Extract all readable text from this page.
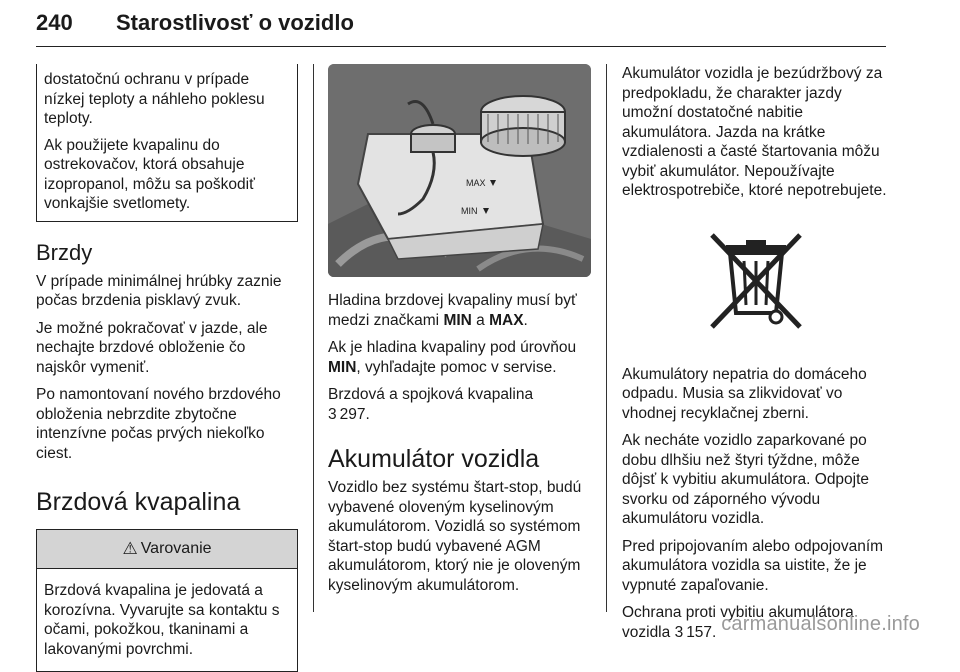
240 Starostlivosť o vozidlo

dostatočnú ochranu v prípade nízkej teploty a náhleho poklesu teploty.

Ak použijete kvapalinu do ostrekovačov, ktorá obsahuje izopropanol, môžu sa poškodiť vonkajšie svetlomety.

Brzdy

V prípade minimálnej hrúbky zaznie počas brzdenia pisklavý zvuk.

Je možné pokračovať v jazde, ale nechajte brzdové obloženie čo najskôr vymeniť.

Po namontovaní nového brzdového obloženia nebrzdite zbytočne intenzívne počas prvých niekoľko ciest.

Brzdová kvapalina
⚠ Varovanie
Brzdová kvapalina je jedovatá a korozívna. Vyvarujte sa kontaktu s očami, pokožkou, tkaninami a lakovanými povrchmi.
MAX
MIN

Hladina brzdovej kvapaliny musí byť medzi značkami MIN a MAX.

Ak je hladina kvapaliny pod úrovňou MIN, vyhľadajte pomoc v servise.

Brzdová a spojková kvapalina
3 297.

Akumulátor vozidla

Vozidlo bez systému štart-stop, budú vybavené oloveným kyselinovým akumulátorom. Vozidlá so systémom štart-stop budú vybavené AGM akumulátorom, ktorý nie je oloveným kyselinovým akumulátorom.

Akumulátor vozidla je bezúdržbový za predpokladu, že charakter jazdy umožní dostatočné nabitie akumulátora. Jazda na krátke vzdialenosti a časté štartovania môžu vybiť akumulátor. Nepoužívajte elektrospotrebiče, ktoré nepotrebujete.

Akumulátory nepatria do domáceho odpadu. Musia sa zlikvidovať vo vhodnej recyklačnej zberni.

Ak necháte vozidlo zaparkované po dobu dlhšiu než štyri týždne, môže dôjsť k vybitiu akumulátora. Odpojte svorku od záporného vývodu akumulátoru vozidla.

Pred pripojovaním alebo odpojovaním akumulátora vozidla sa uistite, že je vypnuté zapaľovanie.

Ochrana proti vybitiu akumulátora vozidla 3 157. carmanualsonline.info
